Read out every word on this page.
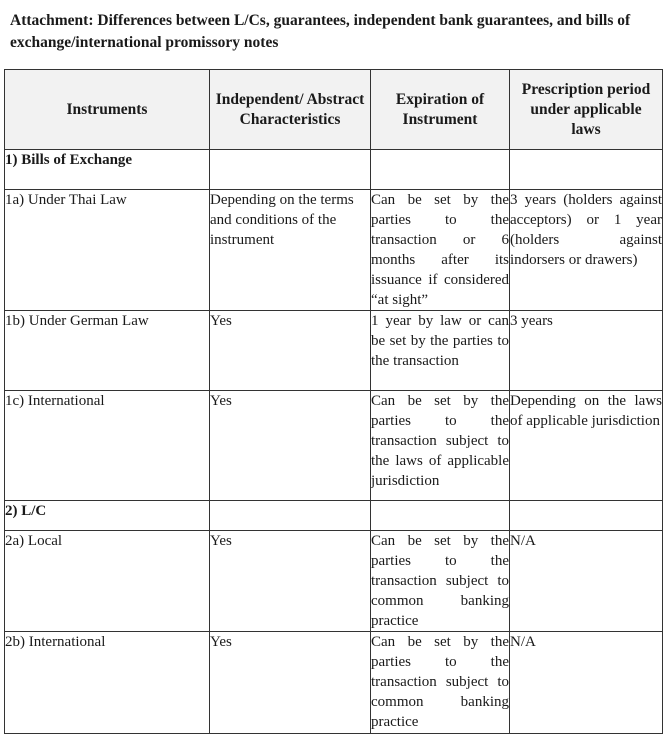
Attachment: Differences between L/Cs, guarantees, independent bank guarantees, and bills of exchange/international promissory notes
Instruments	Independent/ Abstract Characteristics	Expiration of Instrument	Prescription period under applicable laws

1) Bills of Exchange			
1a) Under Thai Law	Depending on the terms and conditions of the instrument	Can be set by the parties to the transaction or 6 months after its issuance if considered “at sight”	3 years (holders against acceptors) or 1 year (holders against indorsers or drawers)
1b) Under German Law	Yes	1 year by law or can be set by the parties to the transaction	3 years
1c) International	Yes	Can be set by the parties to the transaction subject to the laws of applicable jurisdiction	Depending on the laws of applicable jurisdiction
2) L/C			
2a) Local	Yes	Can be set by the parties to the transaction subject to common banking practice	N/A
2b) International	Yes	Can be set by the parties to the transaction subject to common banking practice	N/A
